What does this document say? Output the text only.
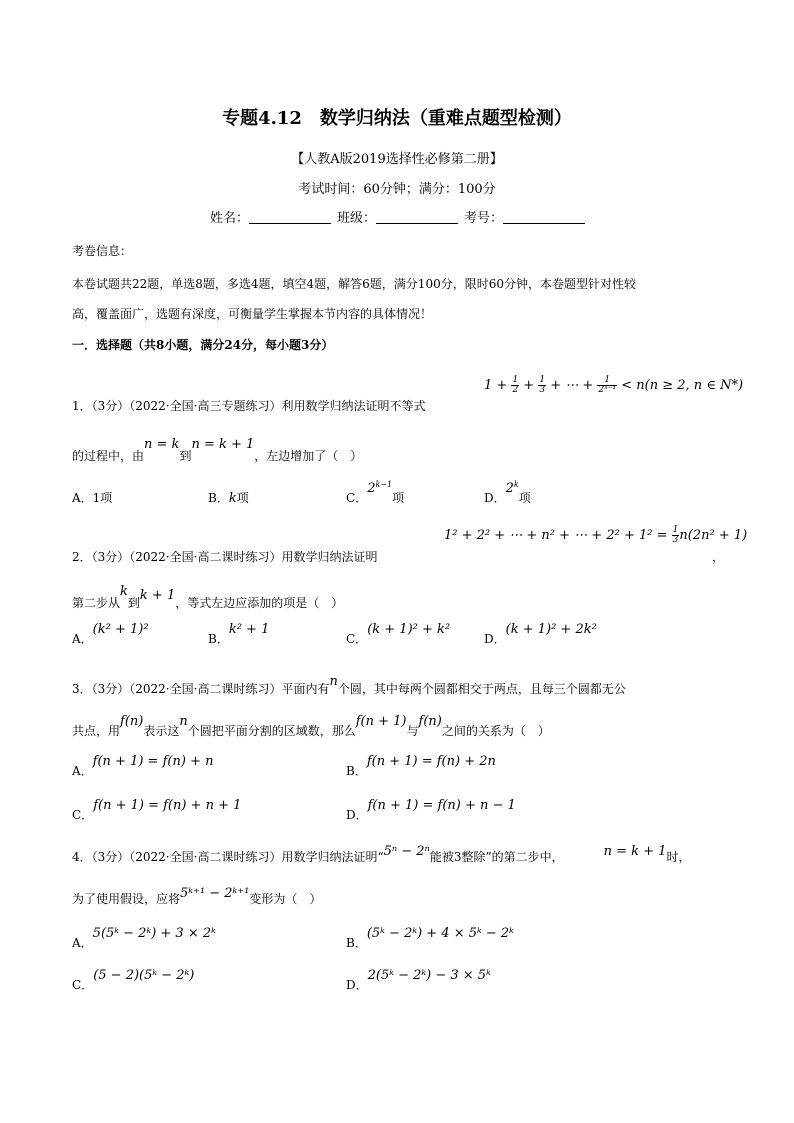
专题4.12　数学归纳法（重难点题型检测）
【人教A版2019选择性必修第二册】
考试时间：60分钟；满分：100分
姓名：	班级：	考号：
考卷信息：
本卷试题共22题，单选8题，多选4题，填空4题，解答6题，满分100分，限时60分钟，本卷题型针对性较
高，覆盖面广，选题有深度，可衡量学生掌握本节内容的具体情况！
一．选择题（共8小题，满分24分，每小题3分）
1．（3分）（2022·全国·高三专题练习）利用数学归纳法证明不等式
$1 + \frac{1}{2} + \frac{1}{3}$ + ⋯ + $\frac{1}{\text{2ⁿ⁻¹}} < n(n \ge 2$, n ∈ N*)
的过程中，由n = k到n = k + 1，左边增加了（　）
A．1项	B．k项	C．$2^{k-1}$项	D．2$^k$项
2．（3分）（2022·全国·高二课时练习）用数学归纳法证明
1² + 2² + ⋯ + n² + ⋯ + $2^2 + 1^2 = \frac{1}{3} n(2n^2 + 1)$
，
第二步从k到k + 1，等式左边应添加的项是（　）
A．(k² + 1)²
B．k² + 1
C．(k + 1)² + k²
D．(k + 1)² + 2k²
3．（3分）（2022·全国·高二课时练习）平面内有n个圆，其中每两个圆都相交于两点，且每三个圆都无公
共点，用f(n)表示这n个圆把平面分割的区域数，那么f(n + 1)与f(n)之间的关系为（　）
A．f(n + 1) = f(n) + n
B．f(n + 1) = f(n) + 2n
C．f(n + 1) = f(n) + n + 1
D．f(n + 1) = f(n) + n − 1
4．（3分）（2022·全国·高二课时练习）用数学归纳法证明“5ⁿ − 2ⁿ能被3整除”的第二步中，	n = k + 1时，
为了使用假设，应将5ᵏ⁺¹ − 2ᵏ⁺¹变形为（　）
A．5(5ᵏ − 2ᵏ) + 3 × 2ᵏ
B．(5ᵏ − 2ᵏ) + 4 × 5ᵏ − 2ᵏ
C．(5 − 2)(5ᵏ − 2ᵏ)
D．2(5ᵏ − 2ᵏ) − 3 × 5ᵏ
